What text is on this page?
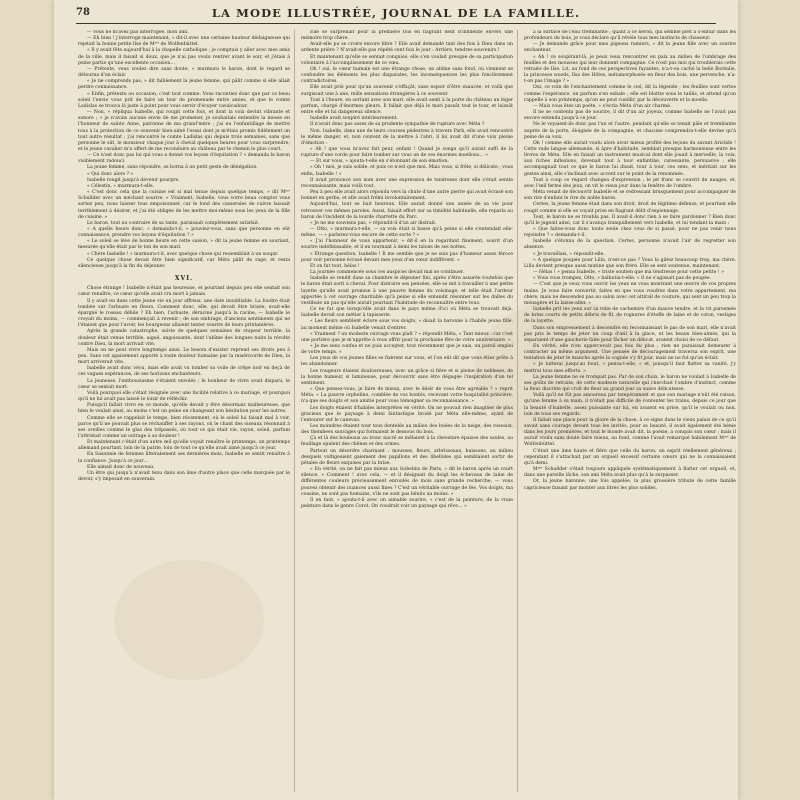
78	LA MODE ILLUSTRÉE, JOURNAL DE LA FAMILLE.

— Vous ne m'avez pas interrogée, mon ami.

— Eh bien ! j'interroge maintenant, » dit-il avec une certaine hauteur dédaigneuse qui rejetait la bonne petite Ilse de Mᵐᵉ de Wolfenbüttel.

« Il y avait fête aujourd'hui à la chapelle catholique ; je comptais y aller avec mes amis de la ville, mais il faisait si doux, que je n'ai pas voulu rentrer avant le soir, et j'étais à peine partie qu'une excellente occasion…

— Prétexte, vous voulez dire sans doute, » murmura le baron, dont le regard se détourna d'un éclair.

« Je ne comprends pas, » dit faiblement la jeune femme, qui pâlit comme si elle allait perdre connaissance.

« Enfin, prétexte ou occasion, c'est tout comme. Vous racontiez donc que par ce beau soleil l'envie vous prit de faire un tour de promenade entre amies, et que le comte Ladislas se trouva là juste à point pour vous servir d'écuyer cavalcadour.

— Non, » répliqua Isabelle, qui rougit cette fois, et dont la voix devint vibrante et sonore ; « je n'avais aucune envie de me promener, je souhaitais entendre la messe en l'honneur de sainte Anne, patronne de ma grand'mère ; j'ai eu l'enfantillage de mettre tous à la protection de ce souvenir bien-aimé l'essai dont je m'étais promis fidèlement un tout autre résultat ; j'ai rencontré le comte Ladislas qui depuis trois semaines, sans que personne le sût, le monsieur chaque jour à cheval quelques heures pour vous surprendre, et le jeune cavalier m'a offert de me reconduire au château par le chemin le plus court.

— Ce n'est donc pas lui qui vous a donné vos leçons d'équitation ? » demanda le baron visiblement radouci.

La jeune femme, sans répondre, se borna à un petit geste de dénégation.

« Qui donc alors ? »

Isabelle rougit jusqu'à devenir pourpre.

« Célestin, » murmura-t-elle.

« C'est donc cela que la cuisine est si mal tenue depuis quelque temps, » dit Mᵐᵉ Schullder avec un méchant sourire. « Vraiment, Isabelle, vous votre beau complot vous sortez peu, nous laisser tous empoisonner, car le fond des casseroles de cuivre laissait terriblement à désirer, et j'ai été obligée de les mettre moi-même sous les yeux de la fille de cuisine. »

Le baron, tout au contraire de sa tante, paraissait complètement satisfait.

« A quelle heure donc, » demanda-t-il, « pouviez-vous, sans que personne en eût connaissance, prendre vos leçons d'équitation ? »

« Le soleil se lève de bonne heure en cette saison, » dit la jeune femme en souriant, mesurée qu'elle était par le ton de son mari.

« Chère Isabelle ! » murmura-t-il, avec quelque chose qui ressemblait à un soupir.

Ce quelque chose devait être bien significatif, car Méta pâlit de rage, et resta silencieuse jusqu'à la fin du déjeuner.

XVI.

Chose étrange ! Isabelle n'était pas heureuse, et pourtant depuis peu elle sentait son cœur renaître, ce cœur qu'elle avait cru mort à jamais.

Il y avait eu dans cette jeune vie un jour affreux, une date inoubliable. La foudre était tombée sur l'arbuste en fleurs. Comment donc, elle, qui devait être brisée, avait-elle épargné le roseau débile ? Eh bien, l'arbuste, déraciné jusqu'à la racine, — Isabelle le croyait du moins, — commençait à revenir ; de son ombrage, d'anciens sentiments qui ne l'étaient que pour l'avoir, les bourgeons allaient tenter sourire de leurs printanières.

Après la grande catastrophe, suivie de quelques semaines de stupeur terrible, la douleur était venue terrible, aiguë, angoissante, dont l'abîme des longues nuits la révolte contre Dieu, la mort arrivait vite.

Mais on ne peut vivre longtemps ainsi. Le besoin d'exister reprend ses droits peu à peu. Sans cet apaisement apporté à toute douleur humaine par la miséricorde de Dieu, la mort arriverait vite.

Isabelle avait donc vécu, mais elle avait vu tomber sa voile de crêpe noir en deçà de ces vagues espérances, de ses horizons enchanteurs.

La jeunesse, l'enthousiasme s'étaient envolés ; le bonheur de vivre avait disparu, le cœur se sentait mort.

Voilà pourquoi elle s'était résignée avec une facilité relative à ce mariage, et pourquoi qu'il ne lui avait pas laissé le loisir de réfléchir.

Puisqu'il fallait vivre en ce monde, qu'elle devait y être désormais malheureuse, que bien le voulait ainsi, au moins c'est un peine en changeant son hésitation pour les autres.

Comme elle se rappelait le temps, bien récemment, où le soleil lui faisait mal à voir, parce qu'il ne pouvait plus se réchauffer à ses rayons, où le chant des oiseaux résonnait à ses oreilles comme le glas des trépassés, où tout ce qui était vie, rayon, soleil, parfum l'attristait comme un outrage à sa douleur !

Et maintenant c'était d'un autre œil qu'elle voyait renaître le printemps, un printemps allemand pourtant, loin de la patrie, loin de tout ce qu'elle avait aimé jusqu'à ce jour.

En Saxonnie de femmes littéralement ses dernières mois, Isabelle se sentit renaître à la confiance. Jusqu'à ce jour…

Elle aimait donc de nouveau.

Un être qui jusqu'à n'avait tenu dans son âme d'autre place que celle marquée par le devoir, s'y imposait en souverain.

Elle se surprenait pour la première fois en flagrant délit d'infidélité envers une mémoire trop chère.

Avait-elle pu se croire encore libre ? Elle avait demandé tant des fois à Dieu dans un ardente prière ? N'avait-elle pas répété cent fois le jour : Arrière, tendres souvenirs !

Et maintenant qu'elle se sentait conquise, elle s'en voulait presque de sa participation volontaire à l'accomplissement de ce vœu.

Oh ! oui, le cœur humain est une étrange chose, un abîme sans fond, où viennent se confondre les éléments les plus disparates, les inconséquences les plus foncièrement contradictoires.

Elle avait prié pour qu'un souvenir s'effaçât, sans espoir d'être exaucée, et voilà que surgissait une à une, mille sensations étrangères à ce souvenir.

Tout à l'heure, en sortant avec son mari, elle avait senti à la porte du château un léger parfum, chargé d'énormes pleurs. Il fallait que déjà le mari passât tout le tour, et laissât entre elle et lui dangereux silence.

Isabelle avait soupiré intérieurement.

Il n'avait donc pas assez de sa prudente sympathie de rupture avec Méta ?

Non. Isabelle, dans une de leurs courses pédestres à travers Park, elle avait rencontré le même danger, et, non content de la mettre à l'abri, il lui avait dit d'une voix pleine d'émotion :

« Ah ! que vous m'avez fait peur, enfant ! Quand je songe qu'il aurait suffi de la rupture d'une corde pour faire tomber sur vous un de ces énormes moellons… »

— Et sur vous, » ajouta-t-elle en s'étonnant de son émotion.

« Oh ! moi, je suis solide, et puis ce n'est que moi. Mais vous, si frêle, si délicate ; vous enfin, Isabelle ! »

Il avait prononcé son nom avec une expression de tendresse dont elle s'était sentie reconnaissante, mais voilà tout.

Peu à peu elle avait alors répondu vers la chute d'une autre pierre qui avait écrasé son bonnet en gerbe, et elle avait frémi involontairement.

Aujourd'hui, tout se liait heureux. Elle aurait donné une année de sa vie pour retrouver ces mêmes paroles. Aussi, faisait effort sur sa timidité habituelle, elle reparla au baron de l'incident de la lourde charrette du Parc.

« Je ne me souviens pas, » répondit-il d'un air distrait.

— Otto, » murmura-t-elle, — sa voix était si basse qu'à peine si elle s'entendait elle-même, — « parlerez-vous encore de cette sorte ? »

« J'ai l'honneur de vous appartenir, » dit-il en la regardant fixement, sourit d'un sourire indéfinissable, et il en tournant à demi les talons de ses bottes.

« Étrange question, Isabelle ! Il me semble que je ne suis pas d'humeur assez féroce pour voir personne écrasé devant mes yeux d'un cœur indifférent. »

Et on fut tout, hélas !

La journée commencée sous ces auspices devait mal se continuer.

Isabelle se rendit dans sa chambre le déjeuner fini, après s'être assurée toutefois que le baron était sorti à cheval. Pour distraire ses pensées, elle se mit à travailler à une petite layette qu'elle avait promise à une pauvre femme du voisinage, et telle était l'ardeur apportée à cet ouvrage charitable qu'à peine si elle entendit résonner sur les dalles du vestibule un pas qu'elle aurait pourtant l'habitude de reconnaître entre tous.

Ce ne fut que lorsqu'elle avait dans le pays même d'ici où Méta se trouvait déjà, Isabelle devait son métier à tapisserie.

« Les fleurs semblent éclore sous vos doigts, » disait la baronne à l'habile jeune fille, au moment même où Isabelle venait d'entrer.

« Vraiment ? un modeste ouvrage vous plaît ? » répondit Méta, « Tant mieux : car c'est une portière que je m'apprête à vous offrir pour la prochaine fête de votre anniversaire. »

« Je me sens confus et ne puis accepter, tout récemment que je suis, un pareil emploi de votre temps. »

Les yeux de vos jeunes filles se fixèrent sur vous, et l'on eût dit que vous étiez prête à les abandonner.

Les rougeurs étaient douloureuses, avec un grâce si fière et si pleine de noblesse, de la bonne humeur, si lumineuse, pour découvrir sans être dégagée l'inspiration d'un tel sentiment.

« Que pensez-vous, je faire de mieux, avec le désir de vous être agréable ? » reprit Méta. « La pauvre orpheline, comblée de vos bontés, recevant votre hospitalité princière, n'a que ses doigts et son amitié pour vous témoigner sa reconnaissance. »

Les doigts étaient d'habiles interprètes en vérité. On ne pouvait rien imaginer de plus gracieux que le paysage à demi fantastique brodé par Méta elle-même, ayant de l'entourer sur le canevas.

Les moindres étaient tour tous dentelés au milieu des buées de la neige, des roseaux, des thembees sauvages qui formaient le dessous du bois.

Çà et là des bouleaux au tronc nacré se mêlaient à la chevelure épaisse des saules, au feuillage opulent des chênes et des ormes.

Partout un désordre charmant : mousses, fleurs, arbrisseaux, buissons, au milieu desquels voltigeaient gaiement des papillons et des libellules qui semblaient sortir de pétales de fleurs exquises par la brise.

« En vérité, on ne fait pas mieux aux Gobelins de Paris, » dit le baron après un court silence. « Comment ! avec cela, — et il désignait du doigt les échevaux de laine de différentes couleurs précieusement enroulés de mois sans grande recherche, — vous pouvez obtenir des nuances aussi fines ? C'est un véritable ouvrage de fée. Vos doigts, ma cousine, ne sont pas humains, s'ils ne sont pas bénits au moins. »

Il en faut, » ajouta-t-il avec un aimable sourire, « c'est de la peinture, de la vraie peinture dans le genre Corot. On voudrait voir un paysage qui rêve… »

à la surface de l'eau tremblante ; quant à ce héron, qui semble prêt à s'enfuir dans les profondeurs du bois, je vous déclare qu'il révèle tous mes instincts de chasseur.

— Je demande grâce pour mes pigeons ramiers, » dit la jeune fille avec un sourire enchanteur.

« Ah ! ce soupirant-là, je peux veux rencontrer en paix au milieu de l'ombrage des feuilles et des mousses qui leur donnent compagnie. Ce n'est pas moi qui troublerais cette retraite de Ilse. Lit, au fond de ces perspectives fuyantes, n'a-t-on caché la belle Boréalie, la princesse woods, Ilsa des Hôtes, métamorphosée en fleur des bois, une pervenche, n'a-t-on pas l'image ? »

Oui, ce coin de l'enchantement comme le ciel, dit la légende ; les feuilles sont vertes comme l'espérance, un parfum s'en exhale ; elle est blottie sous le taillis, et attend qu'on rappelle à son printemps, qu'on ne peut cueillir, par la découverte et la moelle.

— Mais vous êtes un poète, » s'écria Méta d'un air charmé.

Il ne se contenta pas de sourire, il dit d'un air joyeux, comme Isabelle ne l'avait pas encore entendu jusqu'à ce jour.

Ne le voyaient-ils donc pas l'un et l'autre, pendant qu'elle se tenait pâle et tremblante auprès de la porte, éloignée de la compagnie, et chacune comprendra-t-elle devine qu'à peine de sa voix.

Oh ! comme elle aurait voulu alors avoir mieux profité des leçons du savant Aristide ! Cette rude langue allemande, si âpre d'habitude, semblait presque harmonieuse entre les lèvres de Méta. Elle en faisait un instrument musical dont elle jouait à merveille, la voix, aux riches inflexions, devenait tout à tour enfantine, caressante, persuasive ; elle accompagnait tout ce que le baron lui disait, tour à tour, ces sens, et méritait sur les gestes ainsi, elle s'inclinait avec accent sur le point de la renommée.

Tout à coup ce regard changea d'expression ; le jet franc se couvrit de nuages, et, avec l'œil fermé des jeux, on vit le vieux jour dans la fenêtre de l'ombre.

Méta venait de découvrir Isabelle et se redressant brusquement pour accompagner de son rire d'enfant le rire du noble baron.

Certes, la jeune femme était dans son droit, droit de légitime défense, et pourtant elle rougit comme si elle se voyait prise en flagrant délit d'espionnage.

Tout, le baron ne se troubla pas. Il avait-il donc rien à se faire pardonner ? Rien donc qu'il le jugeait ainsi, car il s'avança tranquillement vers Isabelle, et lui tendant la main :

« Que faites-vous donc toute seule chez vous de si passé, pour ne pas venir nous rejoindre ? » demanda-t-il.

Isabelle s'étonna de la question. Certes, personne n'avait l'air de regretter son absence.

« Je travaillais, » répondit-elle.

« A quelque poupée pour Lilla, n'est-ce pas ? Vous la gâtez beaucoup trop, ma chère. Lilla devient presque aussi mutine que son frère. Elle se sent soutenue, maintenant.

— Hélas ! » pensa Isabelle, « triste soutien que ma tendresse pour cette petite ! »

« Vous vous trompez, Otto, » balbutia-t-elle. « Il ne s'agissait pas de poupée.

— C'est que je veux vous ouvrir les yeux en vous montrant une œuvre de vos propres mains. Je vous faire convertir, faites en que vous voudrez dans votre appartement, ma chère, mais ne descendez pas au salon avec cet attirail de couture, qui sent un peu trop la ménagère et la laisse-aller. »

Isabelle prit les yeux sur sa robe de cachemire d'un mauve tendre, et la vit parsemée de brins courts de petits débris de fil, de rognures d'étoffe de laine et de coton, vestiges de la layette.

Dans son empressement à descendre en reconnaissant le pas de son mari, elle n'avait pas pris le temps de jeter un coup d'œil à la glace, et les beaux bien-aimés, qui la séparaient d'une gaucherie faite pour fâcher un délicat, avaient choisi de ce défaut.

En vérité, elle n'en appercevait pas fois du plus ; rien ne paraissait demeurer à contracter au même argument. Une pensée de découragement traversa son esprit, une tentation de jeter le manche après la cognée s'y fit jour, mais ne ne fut qu'un éclair.

« Je lutterai jusqu'au bout, » pensa-t-elle, « et, puisqu'il faut flatter sa vanité, j'y mettrai tous mes efforts. »

La jeune femme ne se trompait pas. Par de son choix, le baron ne voulait à Isabelle de ses goûts de retraite, de cette modeste naturelle qui cherchait l'ombre d'instinct, comme la fleur discrète qui croit de fleur au grand jour sa suave délicatesse.

Voilà qu'il ne fût pas amoureux par tempérament et que son mariage n'eût été raison, qu'une femme à sa main, il n'était pas difficile de contenter les trains, depuis ce jour que la beauté d'Isabelle, assez puissante sur lui, en avaient eu prise, qu'il le voulait ou non, loin de tous ses regards.

Il fallait une place pour la gloire de la chose, à ce signe dans le vieux palais de ce qu'il savait sans courage devant tous les invités, pour sa beauté, il avait également été bénie dans les jours premières, et tout le monde avait dit, la poésie, a conquis son cœur ; mais il aurait voulu sans doute faire mieux, au fond, comme l'avait remarqué habilement Mᵐᵉ de Wolfenbüttel.

C'était une âme haute et fière que celle du baron, un esprit réellement généreux ; cependant il s'attachait par un orgueil excessif certains cœurs qui ne la connaissaient qu'à demi.

Mᵐᵉ Schullder s'était toujours appliquée systématiquement à flatter cet orgueil, et, dans une pareille lâche, son ami Méta avait plus qu'à la surpasser.

Or, la jeune baronne, une fois appelée, la plus grossière tribute de cette famille capricieuse faisant par monter aux litres les plus solides.
